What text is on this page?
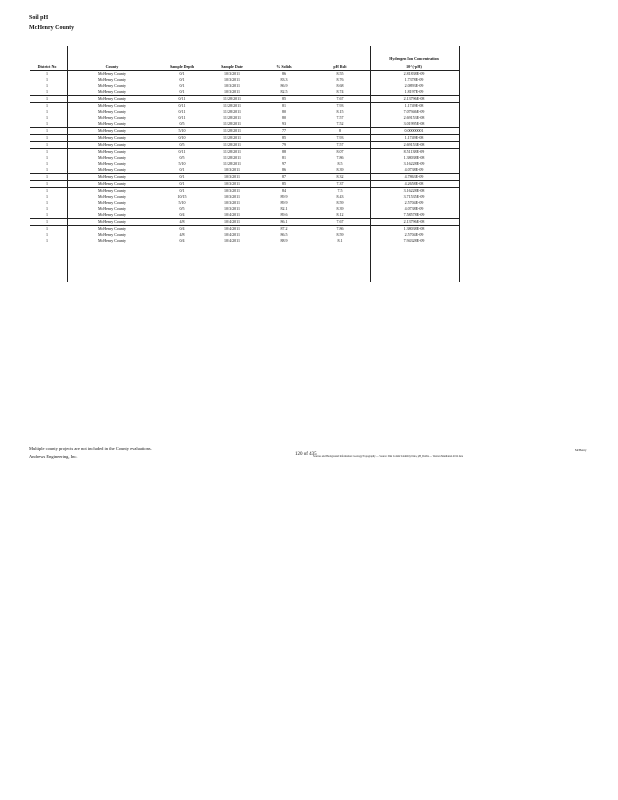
Soil pH
McHenry County
District No	County	Sample Depth	Sample Date	% Solids	pH Rslt
Hydrogen Ion Concentration
10^(-pH)
1	McHenry County	0/1	10/3/2011	86	8.55	2.81838E-09
1	McHenry County	0/1	10/3/2011	83.3	8.76	1.7378E-09
1	McHenry County	0/1	10/3/2011	86.9	8.68	2.0893E-09
1	McHenry County	0/1	10/3/2011	82.5	8.74	1.8197E-09
1	McHenry County	0/11	11/28/2011	85	7.67	2.13796E-08
1	McHenry County	0/11	11/28/2011	81	7.93	1.1749E-08
1	McHenry County	0/11	11/28/2011	80	8.15	7.07946E-09
1	McHenry County	0/11	11/28/2011	80	7.57	2.69153E-08
1	McHenry County	0/5	11/28/2011	93	7.52	3.01995E-08
1	McHenry County	5/10	11/28/2011	77	8	0.00000001
1	McHenry County	0/10	11/28/2011	85	7.93	1.1749E-08
1	McHenry County	0/5	11/28/2011	79	7.57	2.69153E-08
1	McHenry County	0/11	11/28/2011	88	8.07	8.51138E-09
1	McHenry County	0/5	11/28/2011	81	7.86	1.38038E-08
1	McHenry County	5/10	11/28/2011	97	8.5	3.16228E-09
1	McHenry County	0/1	10/3/2011	86	8.39	4.0738E-09
1	McHenry County	0/1	10/3/2011	87	8.32	4.7863E-09
1	McHenry County	0/1	10/3/2011	85	7.37	4.2658E-08
1	McHenry County	0/1	10/3/2011	84	7.5	3.16228E-08
1	McHenry County	10/15	10/3/2011	89.9	8.43	3.71535E-09
1	McHenry County	5/10	10/3/2011	89.9	8.59	2.5704E-09
1	McHenry County	0/5	10/3/2011	82.1	8.39	4.0738E-09
1	McHenry County	0/4	10/4/2011	89.6	8.12	7.58578E-09
1	McHenry County	4/8	10/4/2011	86.1	7.67	2.13796E-08
1	McHenry County	0/4	10/4/2011	87.2	7.86	1.38038E-08
1	McHenry County	4/8	10/4/2011	86.5	8.59	2.5704E-09
1	McHenry County	0/4	10/4/2011	88.9	8.1	7.94328E-09
Multiple county projects are not included in the County evaluations.
Andrews Engineering, Inc.	120 of 435
Sources and Background Information: Geology/Topography — Source: Dist Comm Solubility Data, pH_DATA — Version Manhattan 2012 data
McHenry
